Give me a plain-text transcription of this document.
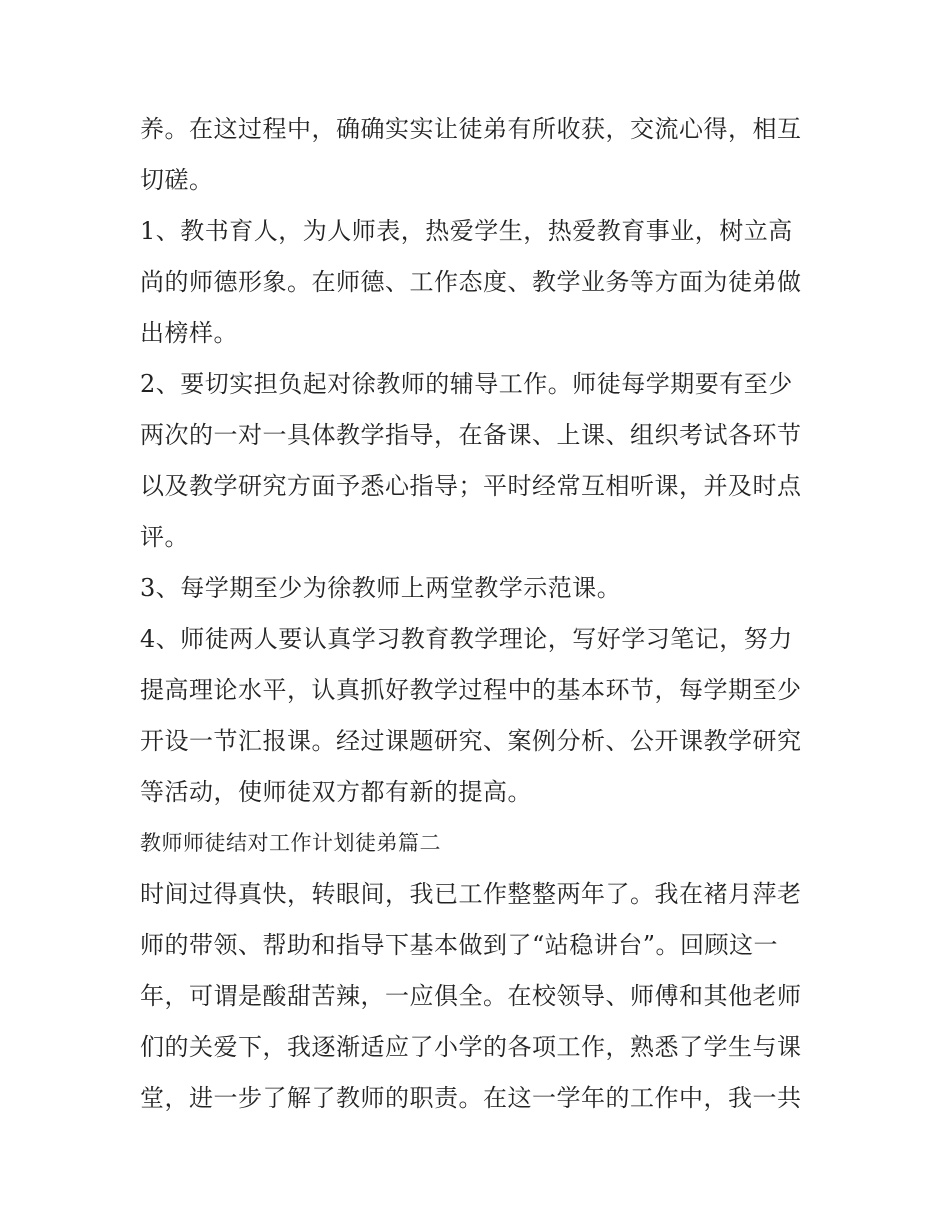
养。在这过程中，确确实实让徒弟有所收获，交流心得，相互
切磋。
1、教书育人，为人师表，热爱学生，热爱教育事业，树立高
尚的师德形象。在师德、工作态度、教学业务等方面为徒弟做
出榜样。
2、要切实担负起对徐教师的辅导工作。师徒每学期要有至少
两次的一对一具体教学指导，在备课、上课、组织考试各环节
以及教学研究方面予悉心指导；平时经常互相听课，并及时点
评。
3、每学期至少为徐教师上两堂教学示范课。
4、师徒两人要认真学习教育教学理论，写好学习笔记，努力
提高理论水平，认真抓好教学过程中的基本环节，每学期至少
开设一节汇报课。经过课题研究、案例分析、公开课教学研究
等活动，使师徒双方都有新的提高。
教师师徒结对工作计划徒弟篇二
时间过得真快，转眼间，我已工作整整两年了。我在褚月萍老
师的带领、帮助和指导下基本做到了“站稳讲台”。回顾这一
年，可谓是酸甜苦辣，一应俱全。在校领导、师傅和其他老师
们的关爱下，我逐渐适应了小学的各项工作，熟悉了学生与课
堂，进一步了解了教师的职责。在这一学年的工作中，我一共
